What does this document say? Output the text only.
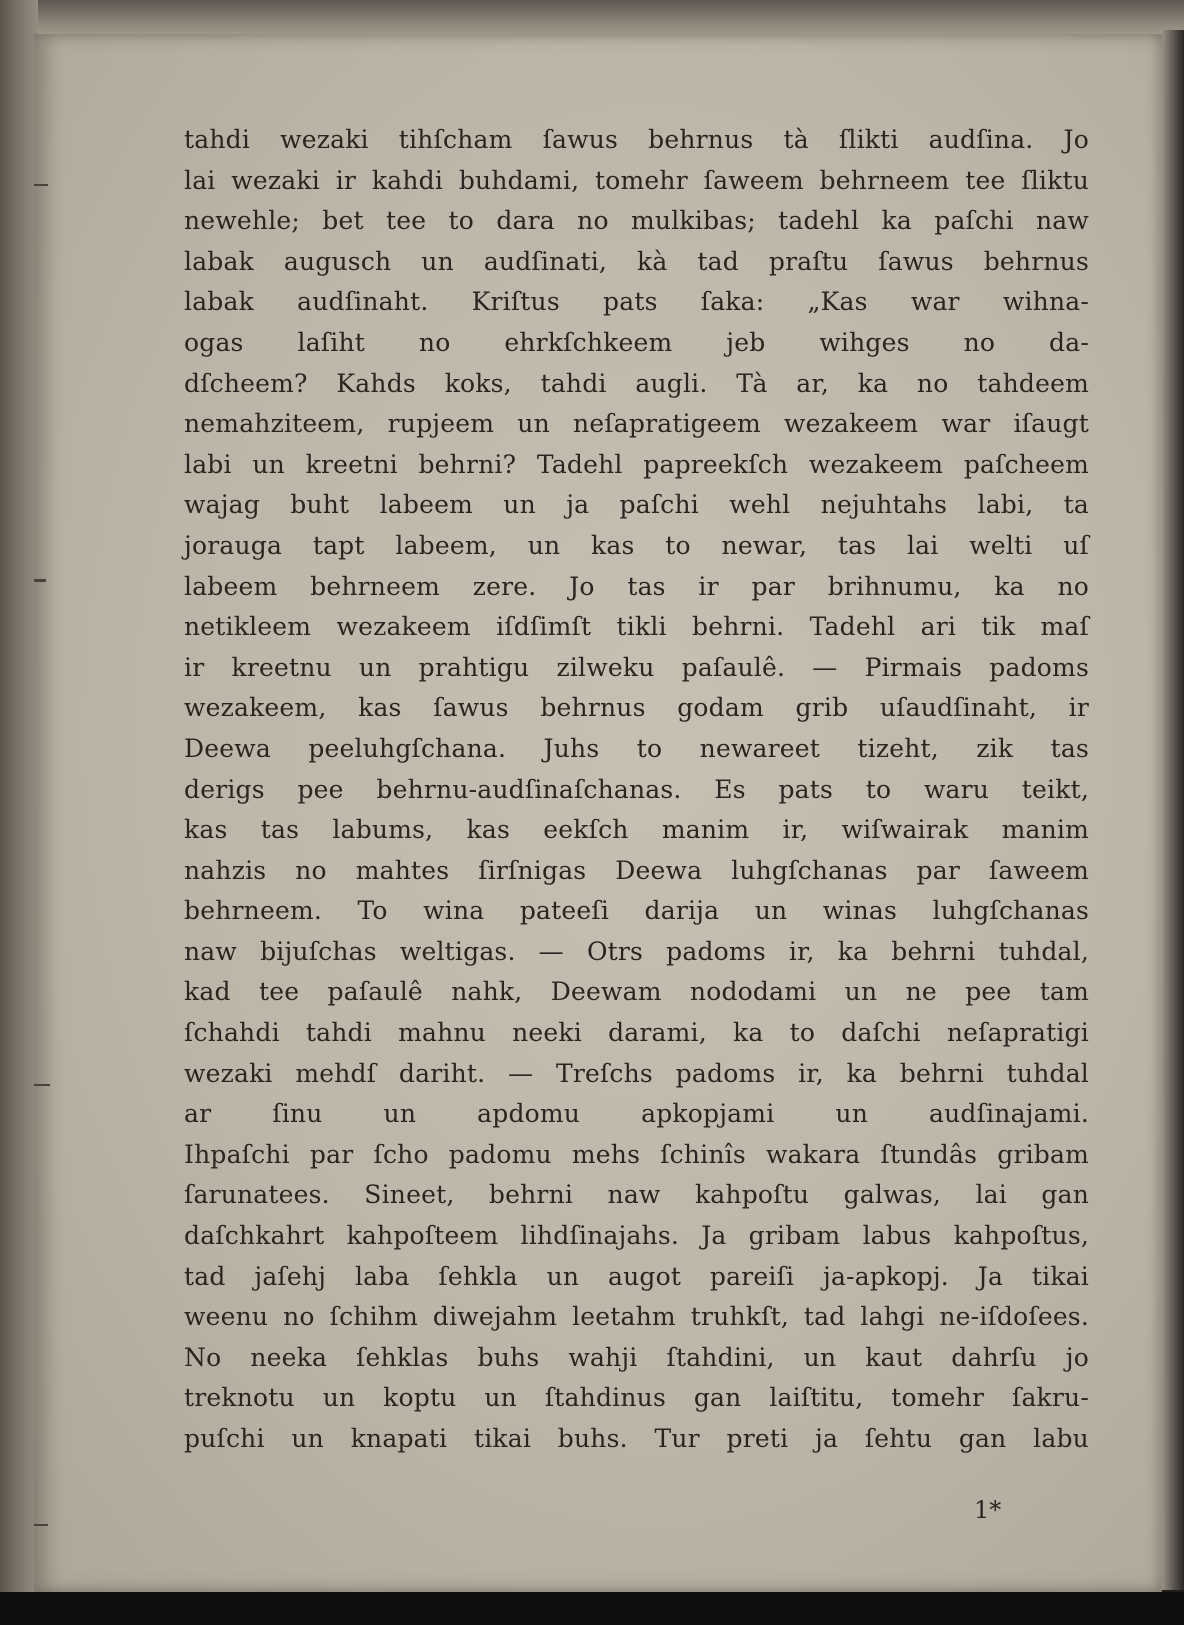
tahdi wezaki tihſcham ſawus behrnus tà ſlikti audſina. Jo
lai wezaki ir kahdi buhdami, tomehr ſaweem behrneem tee ſliktu
newehle; bet tee to dara no mulkibas; tadehl ka paſchi naw
labak augusch un audſinati, kà tad praſtu ſawus behrnus
labak audſinaht. Kriſtus pats ſaka: „Kas war wihna-
ogas laſiht no ehrkſchkeem jeb wihges no da-
dſcheem? Kahds koks, tahdi augli. Tà ar, ka no tahdeem
nemahziteem, rupjeem un neſapratigeem wezakeem war iſaugt
labi un kreetni behrni? Tadehl papreekſch wezakeem paſcheem
wajag buht labeem un ja paſchi wehl nejuhtahs labi, ta
jorauga tapt labeem, un kas to newar, tas lai welti uſ
labeem behrneem zere. Jo tas ir par brihnumu, ka no
netikleem wezakeem iſdſimſt tikli behrni. Tadehl ari tik maſ
ir kreetnu un prahtigu zilweku paſaulê. — Pirmais padoms
wezakeem, kas ſawus behrnus godam grib uſaudſinaht, ir
Deewa peeluhgſchana. Juhs to newareet tizeht, zik tas
derigs pee behrnu-audſinaſchanas. Es pats to waru teikt,
kas tas labums, kas eekſch manim ir, wiſwairak manim
nahzis no mahtes ſirſnigas Deewa luhgſchanas par ſaweem
behrneem. To wina pateeſi darija un winas luhgſchanas
naw bijuſchas weltigas. — Otrs padoms ir, ka behrni tuhdal,
kad tee paſaulê nahk, Deewam nododami un ne pee tam
ſchahdi tahdi mahnu neeki darami, ka to daſchi neſapratigi
wezaki mehdſ dariht. — Treſchs padoms ir, ka behrni tuhdal
ar ſinu un apdomu apkopjami un audſinajami.
Ihpaſchi par ſcho padomu mehs ſchinîs wakara ſtundâs gribam
ſarunatees. Sineet, behrni naw kahpoſtu galwas, lai gan
daſchkahrt kahpoſteem lihdſinajahs. Ja gribam labus kahpoſtus,
tad jaſehj laba ſehkla un augot pareiſi ja-apkopj. Ja tikai
weenu no ſchihm diwejahm leetahm truhkſt, tad lahgi ne-iſdoſees.
No neeka ſehklas buhs wahji ſtahdini, un kaut dahrſu jo
treknotu un koptu un ſtahdinus gan laiſtitu, tomehr ſakru-
puſchi un knapati tikai buhs. Tur preti ja ſehtu gan labu
1*
